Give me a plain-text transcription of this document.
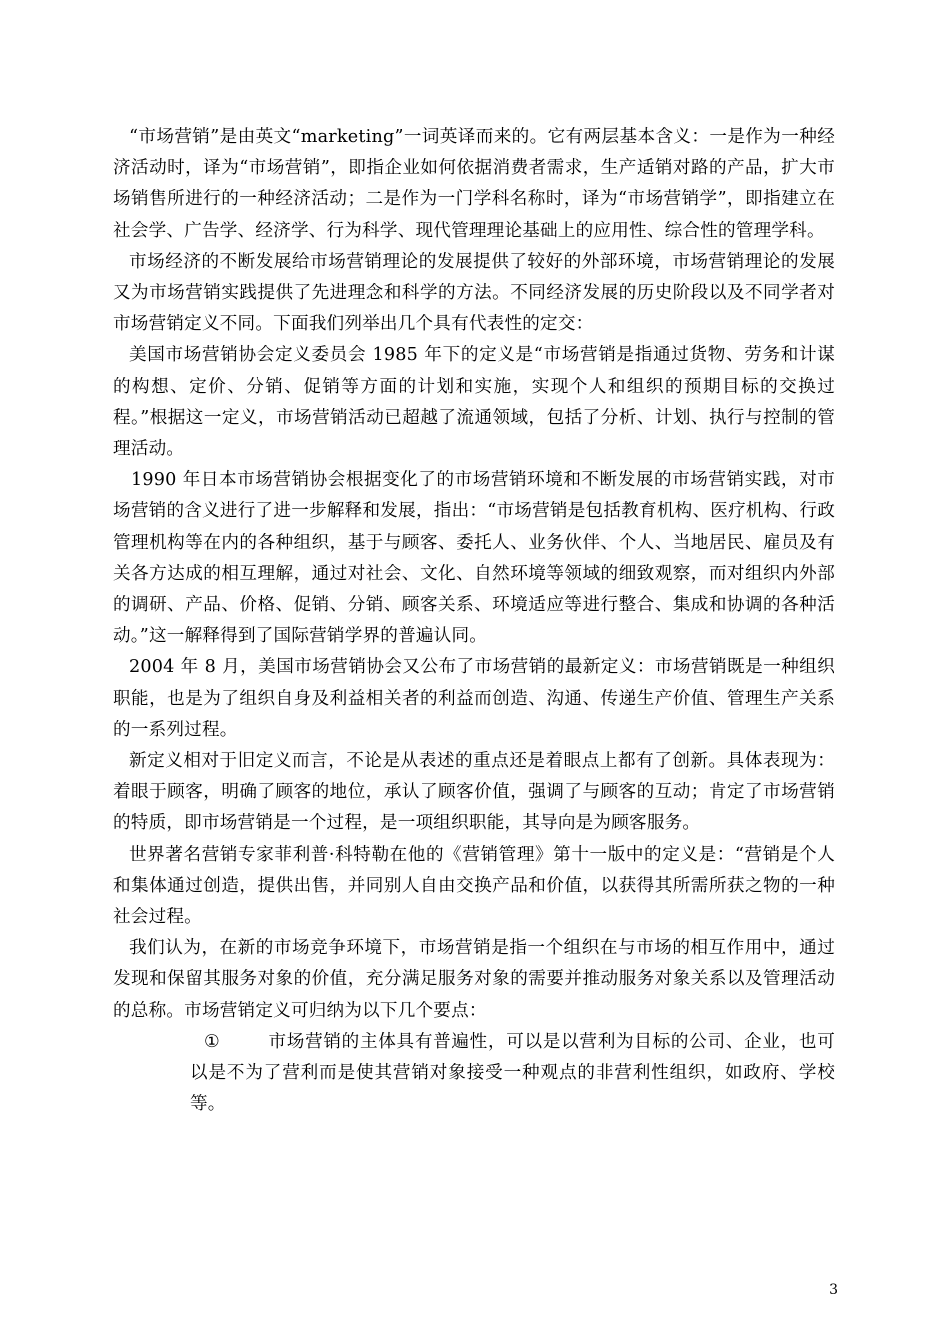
“市场营销”是由英文“marketing”一词英译而来的。它有两层基本含义：一是作为一种经济活动时，译为“市场营销”，即指企业如何依据消费者需求，生产适销对路的产品，扩大市场销售所进行的一种经济活动；二是作为一门学科名称时，译为“市场营销学”，即指建立在社会学、广告学、经济学、行为科学、现代管理理论基础上的应用性、综合性的管理学科。

市场经济的不断发展给市场营销理论的发展提供了较好的外部环境，市场营销理论的发展又为市场营销实践提供了先进理念和科学的方法。不同经济发展的历史阶段以及不同学者对市场营销定义不同。下面我们列举出几个具有代表性的定交：

美国市场营销协会定义委员会 1985 年下的定义是“市场营销是指通过货物、劳务和计谋的构想、定价、分销、促销等方面的计划和实施，实现个人和组织的预期目标的交换过程。”根据这一定义，市场营销活动已超越了流通领域，包括了分析、计划、执行与控制的管理活动。

1990 年日本市场营销协会根据变化了的市场营销环境和不断发展的市场营销实践，对市场营销的含义进行了进一步解释和发展，指出：“市场营销是包括教育机构、医疗机构、行政管理机构等在内的各种组织，基于与顾客、委托人、业务伙伴、个人、当地居民、雇员及有关各方达成的相互理解，通过对社会、文化、自然环境等领域的细致观察，而对组织内外部的调研、产品、价格、促销、分销、顾客关系、环境适应等进行整合、集成和协调的各种活动。”这一解释得到了国际营销学界的普遍认同。

2004 年 8 月，美国市场营销协会又公布了市场营销的最新定义：市场营销既是一种组织职能，也是为了组织自身及利益相关者的利益而创造、沟通、传递生产价值、管理生产关系的一系列过程。

新定义相对于旧定义而言，不论是从表述的重点还是着眼点上都有了创新。具体表现为：着眼于顾客，明确了顾客的地位，承认了顾客价值，强调了与顾客的互动；肯定了市场营销的特质，即市场营销是一个过程，是一项组织职能，其导向是为顾客服务。

世界著名营销专家菲利普·科特勒在他的《营销管理》第十一版中的定义是：“营销是个人和集体通过创造，提供出售，并同别人自由交换产品和价值，以获得其所需所获之物的一种社会过程。

我们认为，在新的市场竞争环境下，市场营销是指一个组织在与市场的相互作用中，通过发现和保留其服务对象的价值，充分满足服务对象的需要并推动服务对象关系以及管理活动的总称。市场营销定义可归纳为以下几个要点：

①	市场营销的主体具有普遍性，可以是以营利为目标的公司、企业，也可以是不为了营利而是使其营销对象接受一种观点的非营利性组织，如政府、学校等。

3
